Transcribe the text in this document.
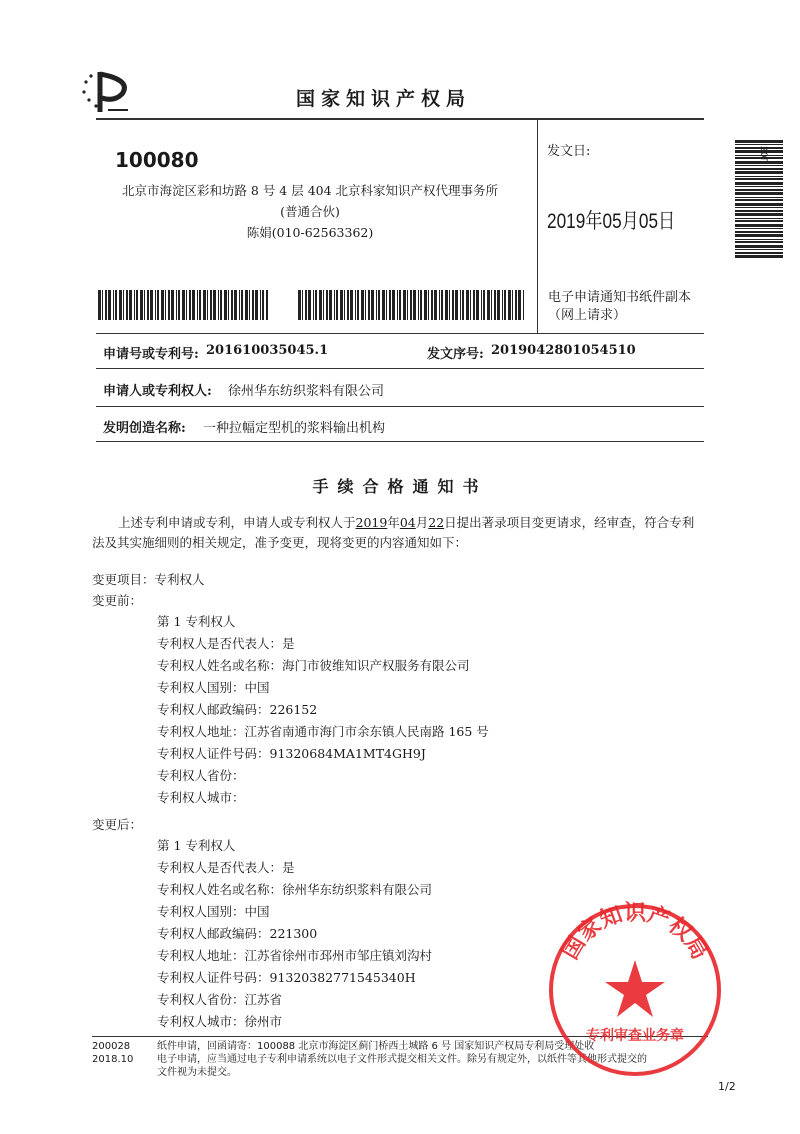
国家知识产权局
100080
北京市海淀区彩和坊路 8 号 4 层 404 北京科家知识产权代理事务所
(普通合伙)
陈娟(010-62563362)
发文日:
2019年05月05日
电子申请通知书纸件副本（网上请求）
20Γ
申请号或专利号: 201610035045.1	发文序号: 2019042801054510
申请人或专利权人: 徐州华东纺织浆料有限公司
发明创造名称: 一种拉幅定型机的浆料输出机构
手续合格通知书
上述专利申请或专利，申请人或专利权人于2019年04月22日提出著录项目变更请求，经审查，符合专利法及其实施细则的相关规定，准予变更，现将变更的内容通知如下：
变更项目：专利权人
变更前：
第 1 专利权人
专利权人是否代表人：是
专利权人姓名或名称：海门市彼维知识产权服务有限公司
专利权人国别：中国
专利权人邮政编码：226152
专利权人地址：江苏省南通市海门市余东镇人民南路 165 号
专利权人证件号码：91320684MA1MT4GH9J
专利权人省份：
专利权人城市：
变更后：
第 1 专利权人
专利权人是否代表人：是
专利权人姓名或名称：徐州华东纺织浆料有限公司
专利权人国别：中国
专利权人邮政编码：221300
专利权人地址：江苏省徐州市邳州市邹庄镇刘沟村
专利权人证件号码：91320382771545340H
专利权人省份：江苏省
专利权人城市：徐州市
200028
2018.10
纸件申请，回函请寄：100088 北京市海淀区蓟门桥西土城路 6 号 国家知识产权局专利局受理处收
电子申请，应当通过电子专利申请系统以电子文件形式提交相关文件。除另有规定外，以纸件等其他形式提交的
文件视为未提交。
国家知识产权局
专利审查业务章
1/2
